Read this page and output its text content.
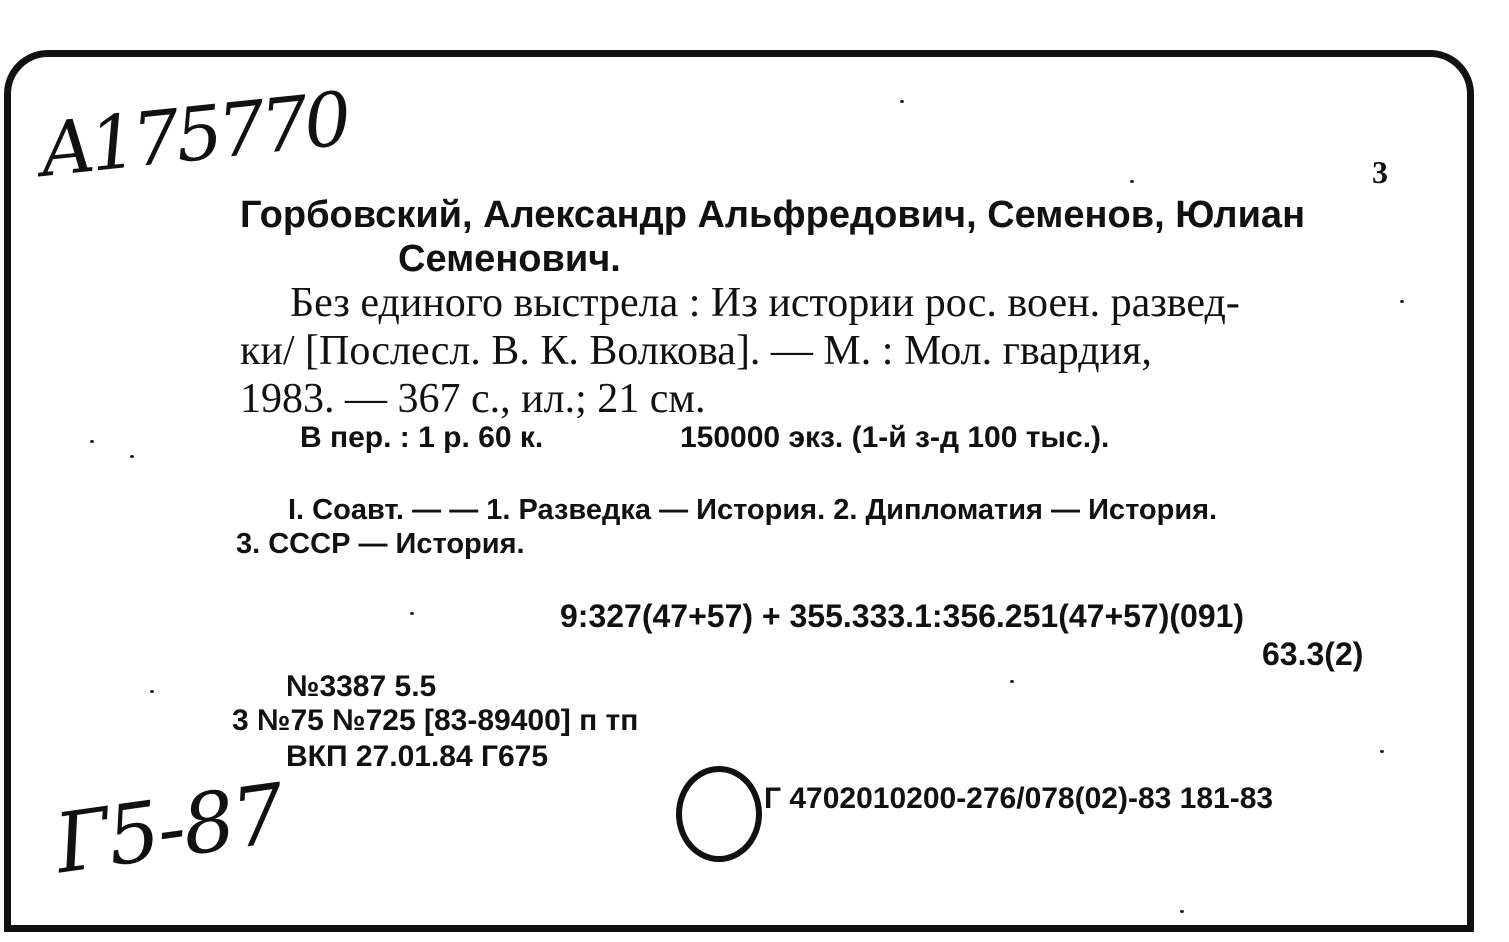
A175770
Г5-87
3
Горбовский, Александр Альфредович, Семенов, Юлиан
Семенович.
Без единого выстрела : Из истории рос. воен. развед-
ки/ [Послесл. В. К. Волкова]. — М. : Мол. гвардия,
1983. — 367 с., ил.; 21 см.
В пер. : 1 р. 60 к.	150000 экз. (1-й з-д 100 тыс.).
I. Соавт. — — 1. Разведка — История. 2. Дипломатия — История.
3. СССР — История.
9:327(47+57) + 355.333.1:356.251(47+57)(091)
63.3(2)
№3387 5.5
3 №75 №725 [83-89400] п тп
ВКП 27.01.84 Г675
Г 4702010200-276/078(02)-83 181-83
